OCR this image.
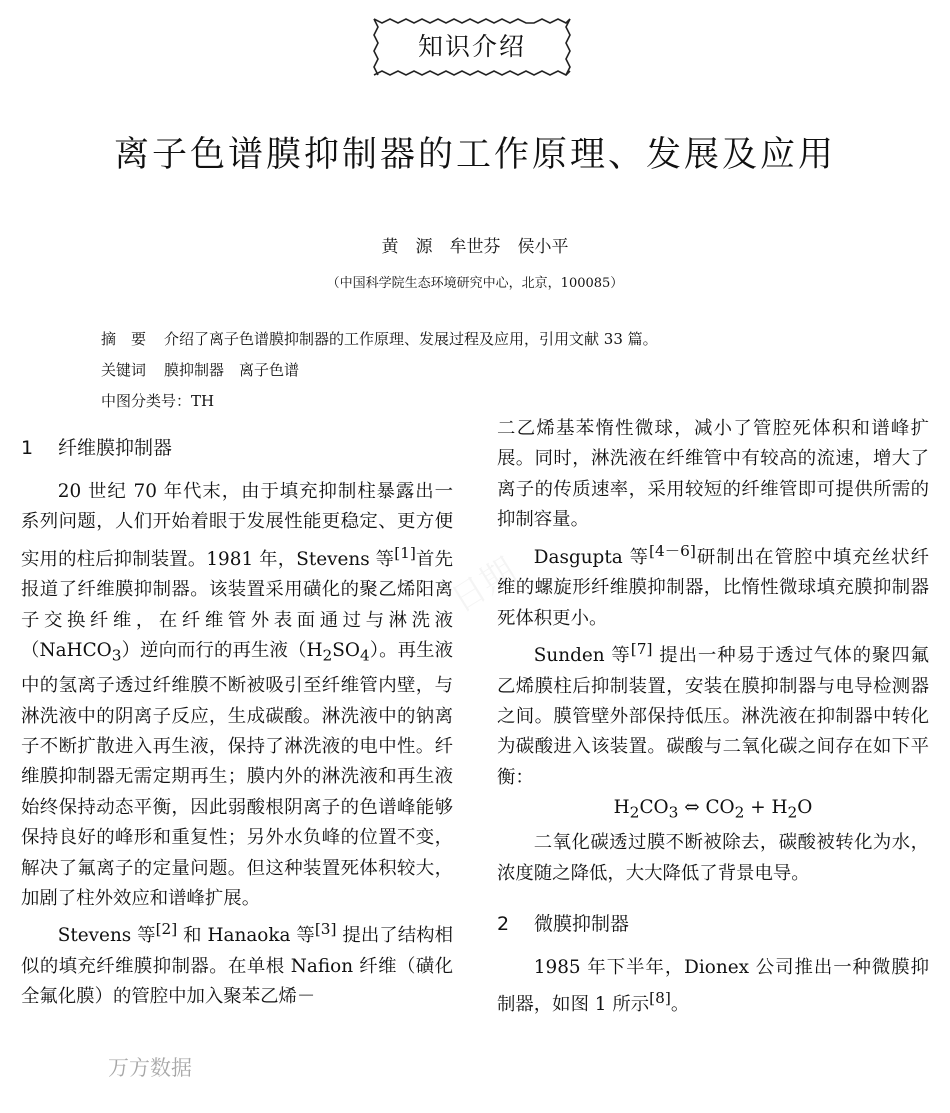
知识介绍
离子色谱膜抑制器的工作原理、发展及应用
黄　源　牟世芬　侯小平
（中国科学院生态环境研究中心，北京，100085）
摘　要 介绍了离子色谱膜抑制器的工作原理、发展过程及应用，引用文献 33 篇。
关键词 膜抑制器　离子色谱
中图分类号：TH
1 纤维膜抑制器

20 世纪 70 年代末，由于填充抑制柱暴露出一系列问题，人们开始着眼于发展性能更稳定、更方便实用的柱后抑制装置。1981 年，Stevens 等[1]首先报道了纤维膜抑制器。该装置采用磺化的聚乙烯阳离子交换纤维，在纤维管外表面通过与淋洗液（NaHCO$_3$）逆向而行的再生液$(H_2SO_4)$。再生液中的氢离子透过纤维膜不断被吸引至纤维管内壁，与淋洗液中的阴离子反应，生成碳酸。淋洗液中的钠离子不断扩散进入再生液，保持了淋洗液的电中性。纤维膜抑制器无需定期再生；膜内外的淋洗液和再生液始终保持动态平衡，因此弱酸根阴离子的色谱峰能够保持良好的峰形和重复性；另外水负峰的位置不变，解决了氟离子的定量问题。但这种装置死体积较大，加剧了柱外效应和谱峰扩展。

Stevens 等[2] 和 Hanaoka 等[3] 提出了结构相似的填充纤维膜抑制器。在单根 Nafion 纤维（磺化全氟化膜）的管腔中加入聚苯乙烯－

二乙烯基苯惰性微球，减小了管腔死体积和谱峰扩展。同时，淋洗液在纤维管中有较高的流速，增大了离子的传质速率，采用较短的纤维管即可提供所需的抑制容量。

Dasgupta 等[4－6]研制出在管腔中填充丝状纤维的螺旋形纤维膜抑制器，比惰性微球填充膜抑制器死体积更小。

Sunden 等[7] 提出一种易于透过气体的聚四氟乙烯膜柱后抑制装置，安装在膜抑制器与电导检测器之间。膜管壁外部保持低压。淋洗液在抑制器中转化为碳酸进入该装置。碳酸与二氧化碳之间存在如下平衡：

$H_2CO_3$ ⇔ $CO_2 + H_2O$

二氧化碳透过膜不断被除去，碳酸被转化为水，浓度随之降低，大大降低了背景电导。

2 微膜抑制器

1985 年下半年，Dionex 公司推出一种微膜抑制器，如图 1 所示[8]。

万方数据
